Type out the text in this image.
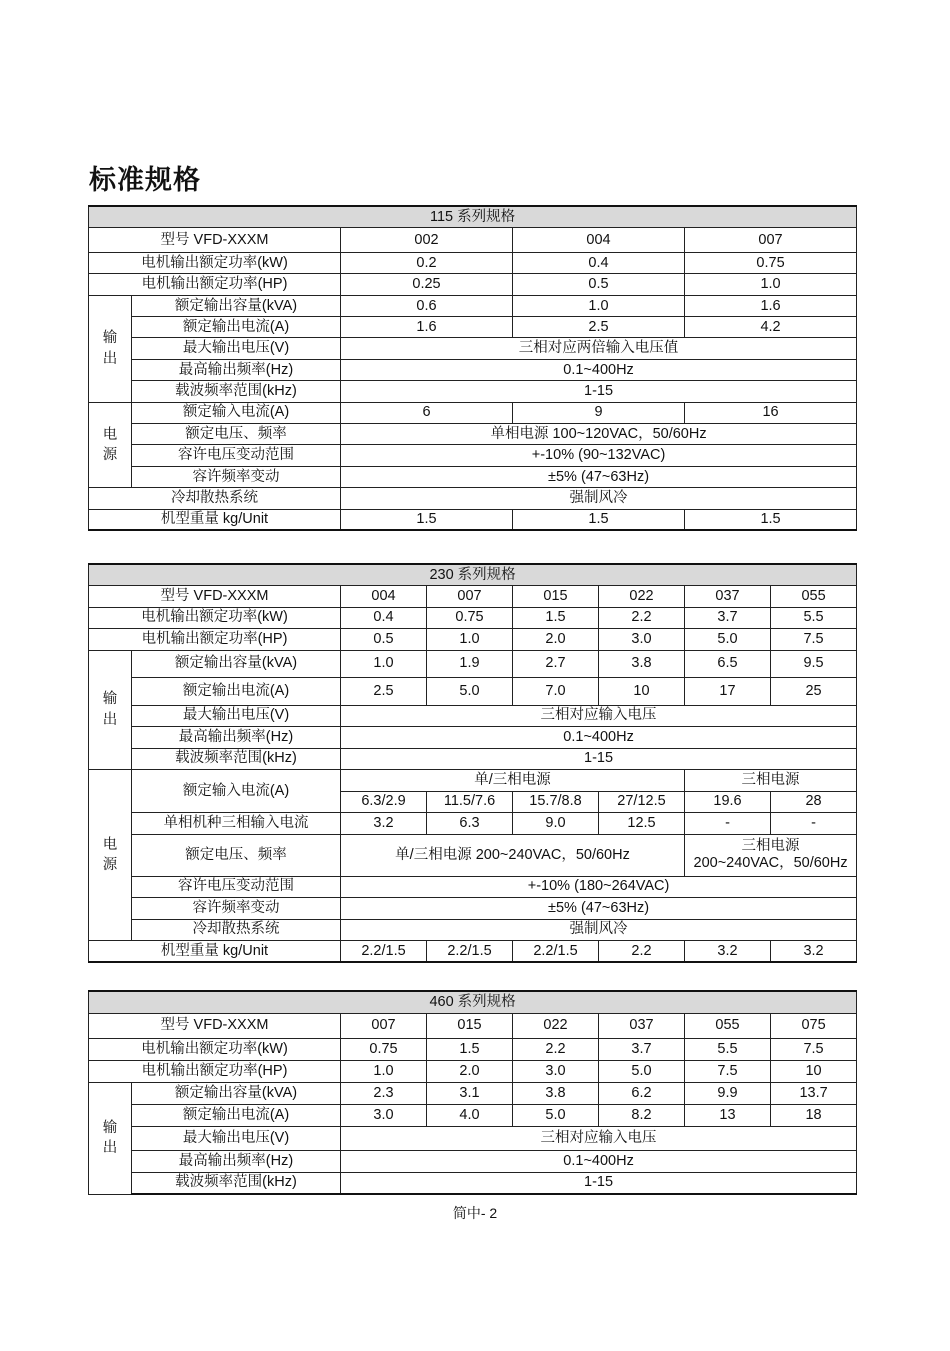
标准规格
115 系列规格				
型号 VFD-XXXM		002	004	007
电机输出额定功率(kW)		0.2	0.4	0.75
电机输出额定功率(HP)		0.25	0.5	1.0
输
出	额定输出容量(kVA)	0.6	1.0	1.6
	额定输出电流(A)	1.6	2.5	4.2
	最大输出电压(V)	三相对应两倍输入电压值		
	最高输出频率(Hz)	0.1~400Hz		
	载波频率范围(kHz)	1-15		
电
源	额定输入电流(A)	6	9	16
	额定电压、频率	单相电源 100~120VAC，50/60Hz		
	容许电压变动范围	+-10% (90~132VAC)		
	容许频率变动	±5% (47~63Hz)		
冷却散热系统		强制风冷		
机型重量 kg/Unit		1.5	1.5	1.5
230 系列规格							
型号 VFD-XXXM		004	007	015	022	037	055
电机输出额定功率(kW)		0.4	0.75	1.5	2.2	3.7	5.5
电机输出额定功率(HP)		0.5	1.0	2.0	3.0	5.0	7.5
输
出	额定输出容量(kVA)	1.0	1.9	2.7	3.8	6.5	9.5
	额定输出电流(A)	2.5	5.0	7.0	10	17	25
	最大输出电压(V)	三相对应输入电压					
	最高输出频率(Hz)	0.1~400Hz					
	载波频率范围(kHz)	1-15					
电
源	额定输入电流(A)	单/三相电源				三相电源	
		6.3/2.9	11.5/7.6	15.7/8.8	27/12.5	19.6	28
	单相机种三相输入电流	3.2	6.3	9.0	12.5	-	-
	额定电压、频率	单/三相电源 200~240VAC，50/60Hz				三相电源
200~240VAC，50/60Hz	

	容许电压变动范围	+-10% (180~264VAC)					
	容许频率变动	±5% (47~63Hz)					
	冷却散热系统	强制风冷					
机型重量 kg/Unit		2.2/1.5	2.2/1.5	2.2/1.5	2.2	3.2	3.2
460 系列规格							
型号 VFD-XXXM		007	015	022	037	055	075
电机输出额定功率(kW)		0.75	1.5	2.2	3.7	5.5	7.5
电机输出额定功率(HP)		1.0	2.0	3.0	5.0	7.5	10
输
出	额定输出容量(kVA)	2.3	3.1	3.8	6.2	9.9	13.7
	额定输出电流(A)	3.0	4.0	5.0	8.2	13	18
	最大输出电压(V)	三相对应输入电压					
	最高输出频率(Hz)	0.1~400Hz					
	载波频率范围(kHz)	1-15					
简中- 2
